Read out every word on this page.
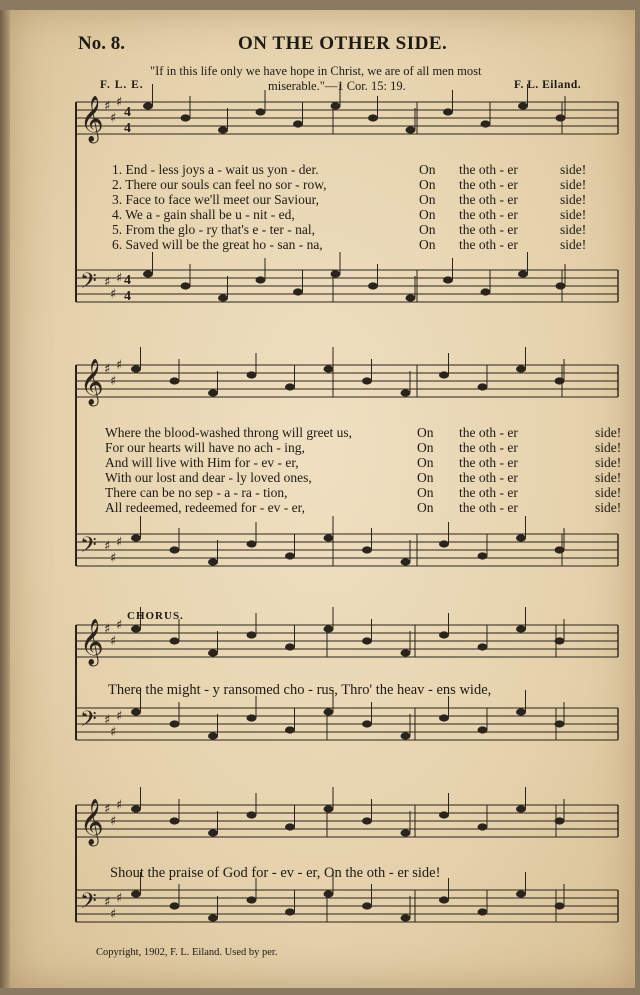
No. 8.	ON THE OTHER SIDE.
"If in this life only we have hope in Christ, we are of all men most
miserable."—1 Cor. 15: 19.
F. L. E.	F. L. Eiland.
𝄞 ♯
♯
♯
4
4
𝄢 ♯
♯
♯ 4
4
𝄞 ♯
♯
♯
𝄢 ♯
♯
♯
𝄞 ♯
♯
♯
𝄢 ♯
♯
♯
𝄞 ♯
♯
♯
𝄢 ♯
♯
♯
1. End - less joys a - wait us yon - der.	On the oth - er	side!
2. There our souls can feel no sor - row,	On the oth - er	side!
3. Face to face we'll meet our Saviour,	On the oth - er	side!
4. We a - gain shall be u - nit - ed,	On the oth - er	side!
5. From the glo - ry that's e - ter - nal,	On the oth - er	side!
6. Saved will be the great ho - san - na,	On the oth - er	side!
Where the blood-washed throng will greet us,	On the oth - er	side!
For our hearts will have no ach - ing,	On the oth - er	side!
And will live with Him for - ev - er,	On the oth - er	side!
With our lost and dear - ly loved ones,	On the oth - er	side!
There can be no sep - a - ra - tion,	On the oth - er	side!
All redeemed, redeemed for - ev - er,	On the oth - er	side!
CHORUS.
There the might - y ransomed cho - rus, Thro' the heav - ens wide,
Shout the praise of God for - ev - er, On the oth - er side!
Copyright, 1902, F. L. Eiland. Used by per.
